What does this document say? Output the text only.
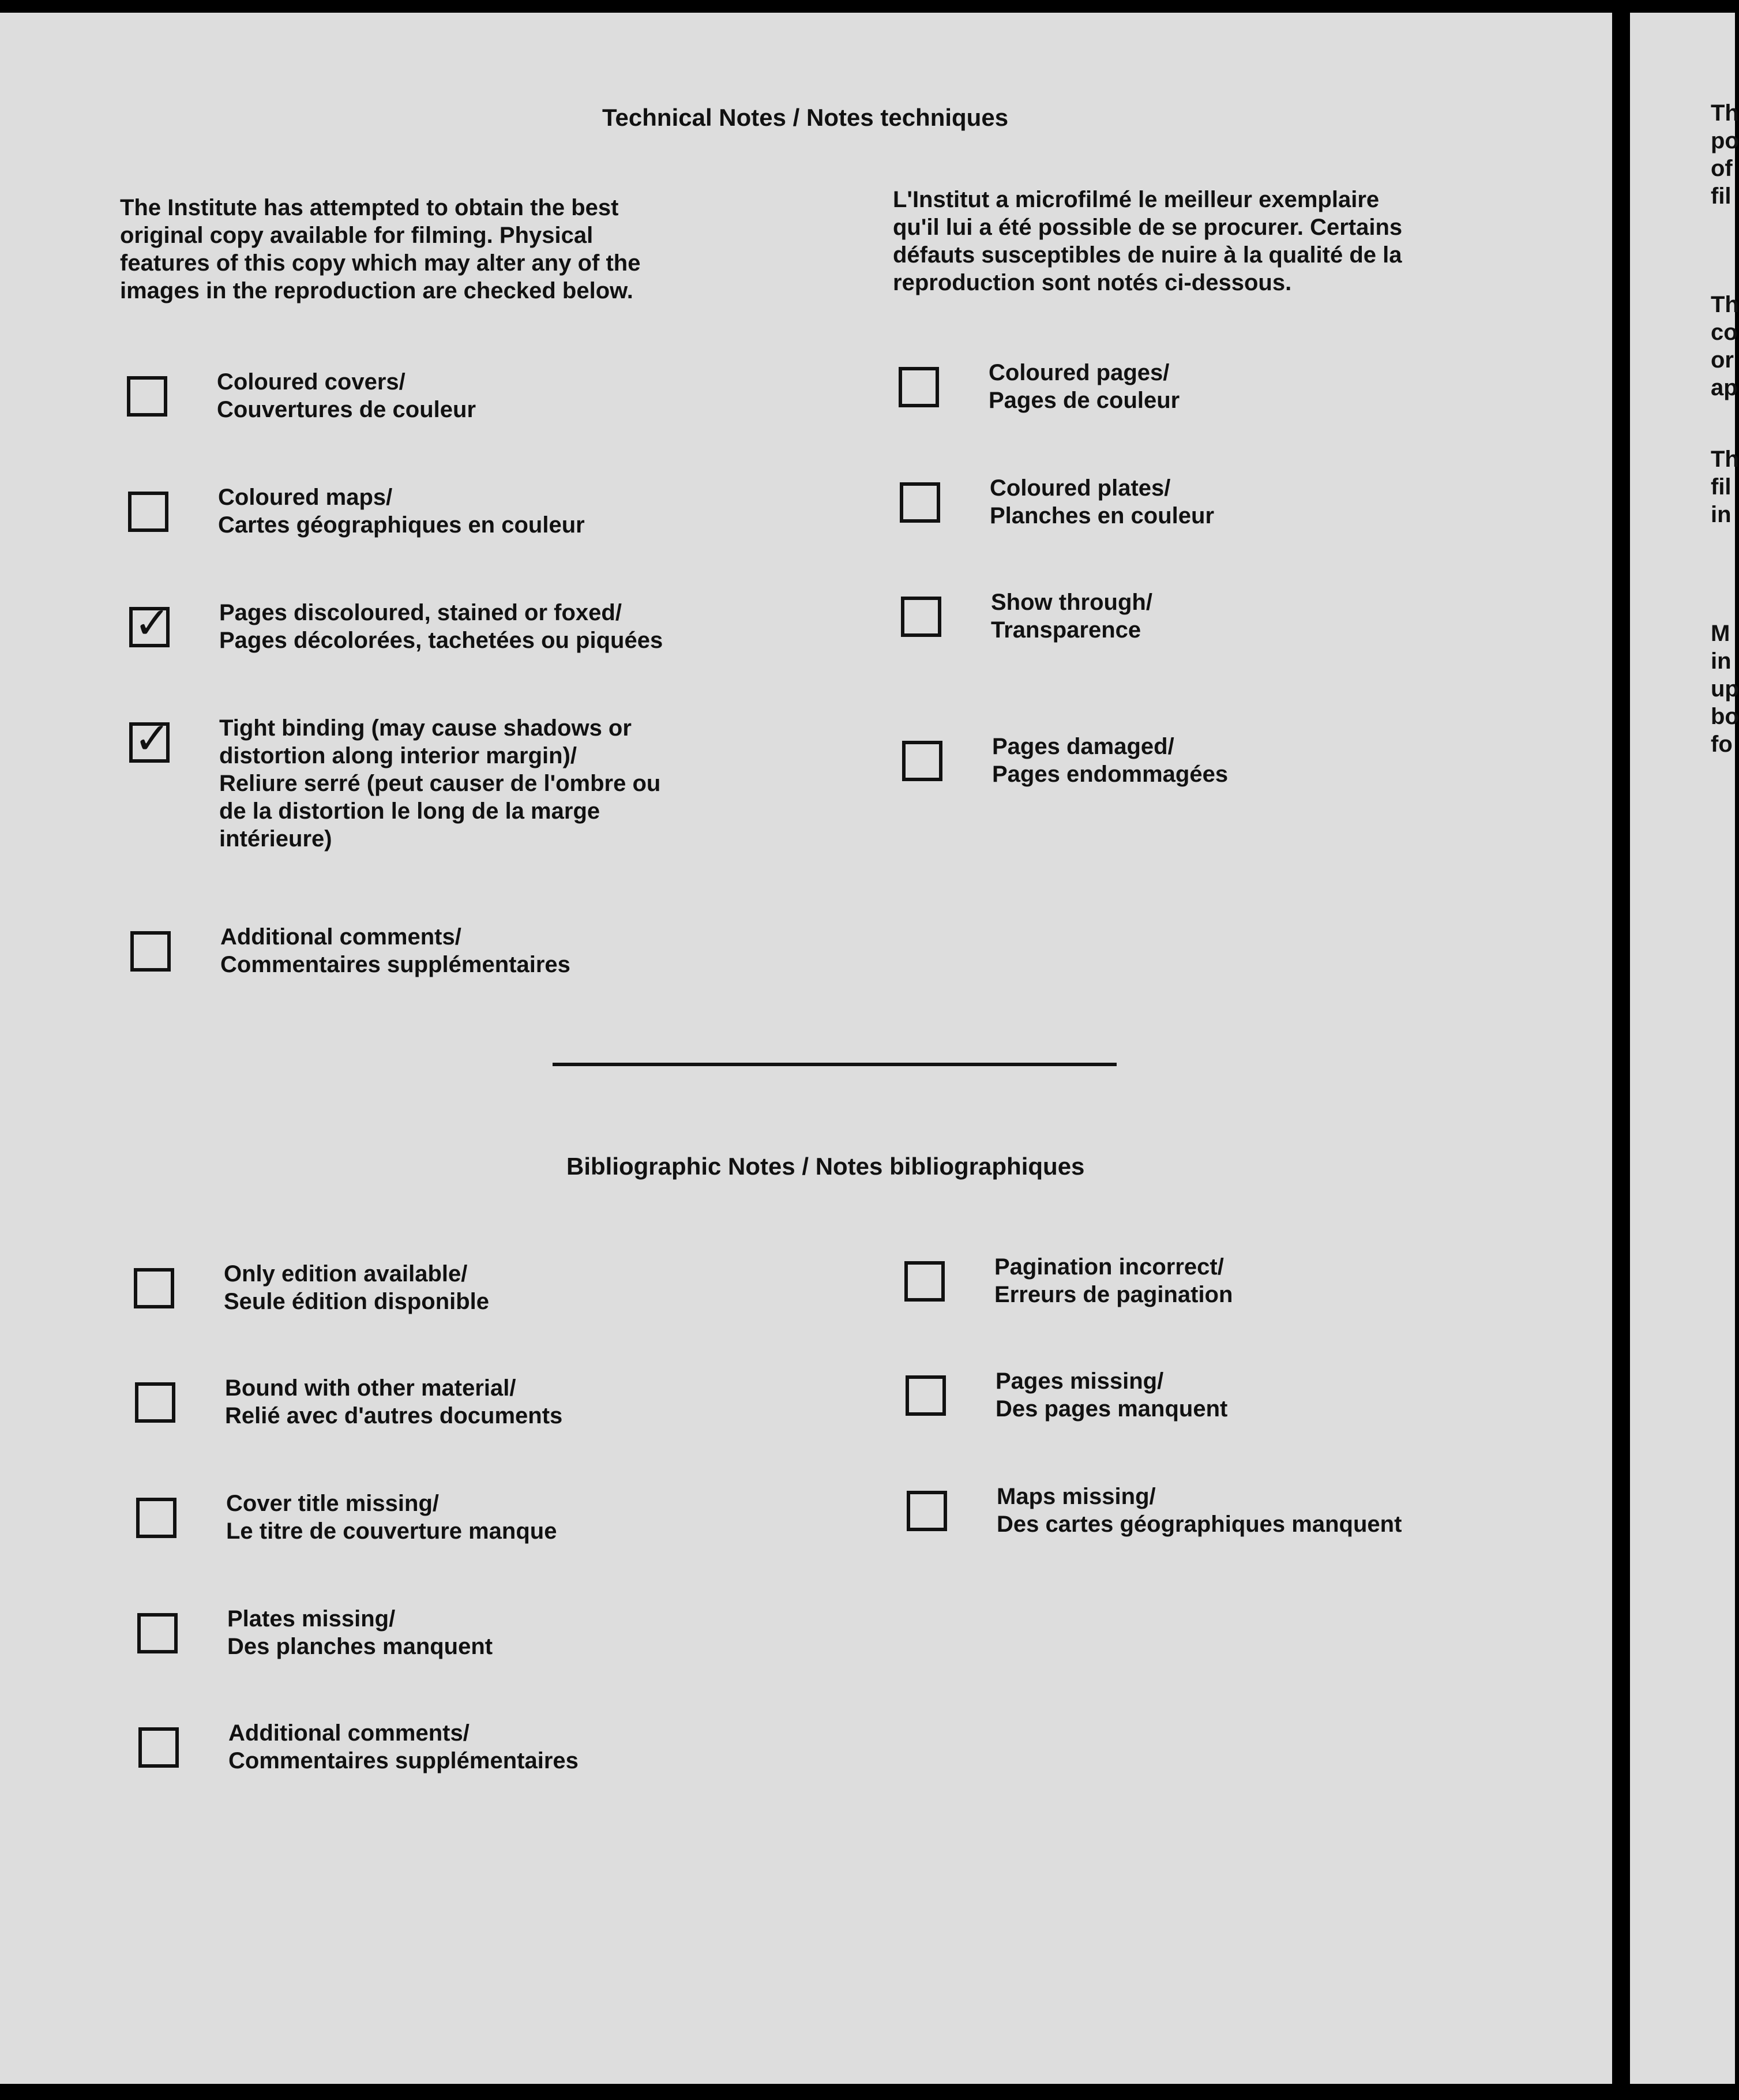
Technical Notes / Notes techniques
The Institute has attempted to obtain the best
original copy available for filming. Physical
features of this copy which may alter any of the
images in the reproduction are checked below.
L'Institut a microfilmé le meilleur exemplaire
qu'il lui a été possible de se procurer. Certains
défauts susceptibles de nuire à la qualité de la
reproduction sont notés ci-dessous.
Coloured covers/
Couvertures de couleur
Coloured maps/
Cartes géographiques en couleur
✓ Pages discoloured, stained or foxed/
Pages décolorées, tachetées ou piquées
✓ Tight binding (may cause shadows or
distortion along interior margin)/
Reliure serré (peut causer de l'ombre ou
de la distortion le long de la marge
intérieure)
Additional comments/
Commentaires supplémentaires
Coloured pages/
Pages de couleur
Coloured plates/
Planches en couleur
Show through/
Transparence
Pages damaged/
Pages endommagées
Bibliographic Notes / Notes bibliographiques
Only edition available/
Seule édition disponible
Bound with other material/
Relié avec d'autres documents
Cover title missing/
Le titre de couverture manque
Plates missing/
Des planches manquent
Additional comments/
Commentaires supplémentaires
Pagination incorrect/
Erreurs de pagination
Pages missing/
Des pages manquent
Maps missing/
Des cartes géographiques manquent
Th
po
of
fil
Th
co
or
ap
Th
fil
in
M
in
up
bo
fo
